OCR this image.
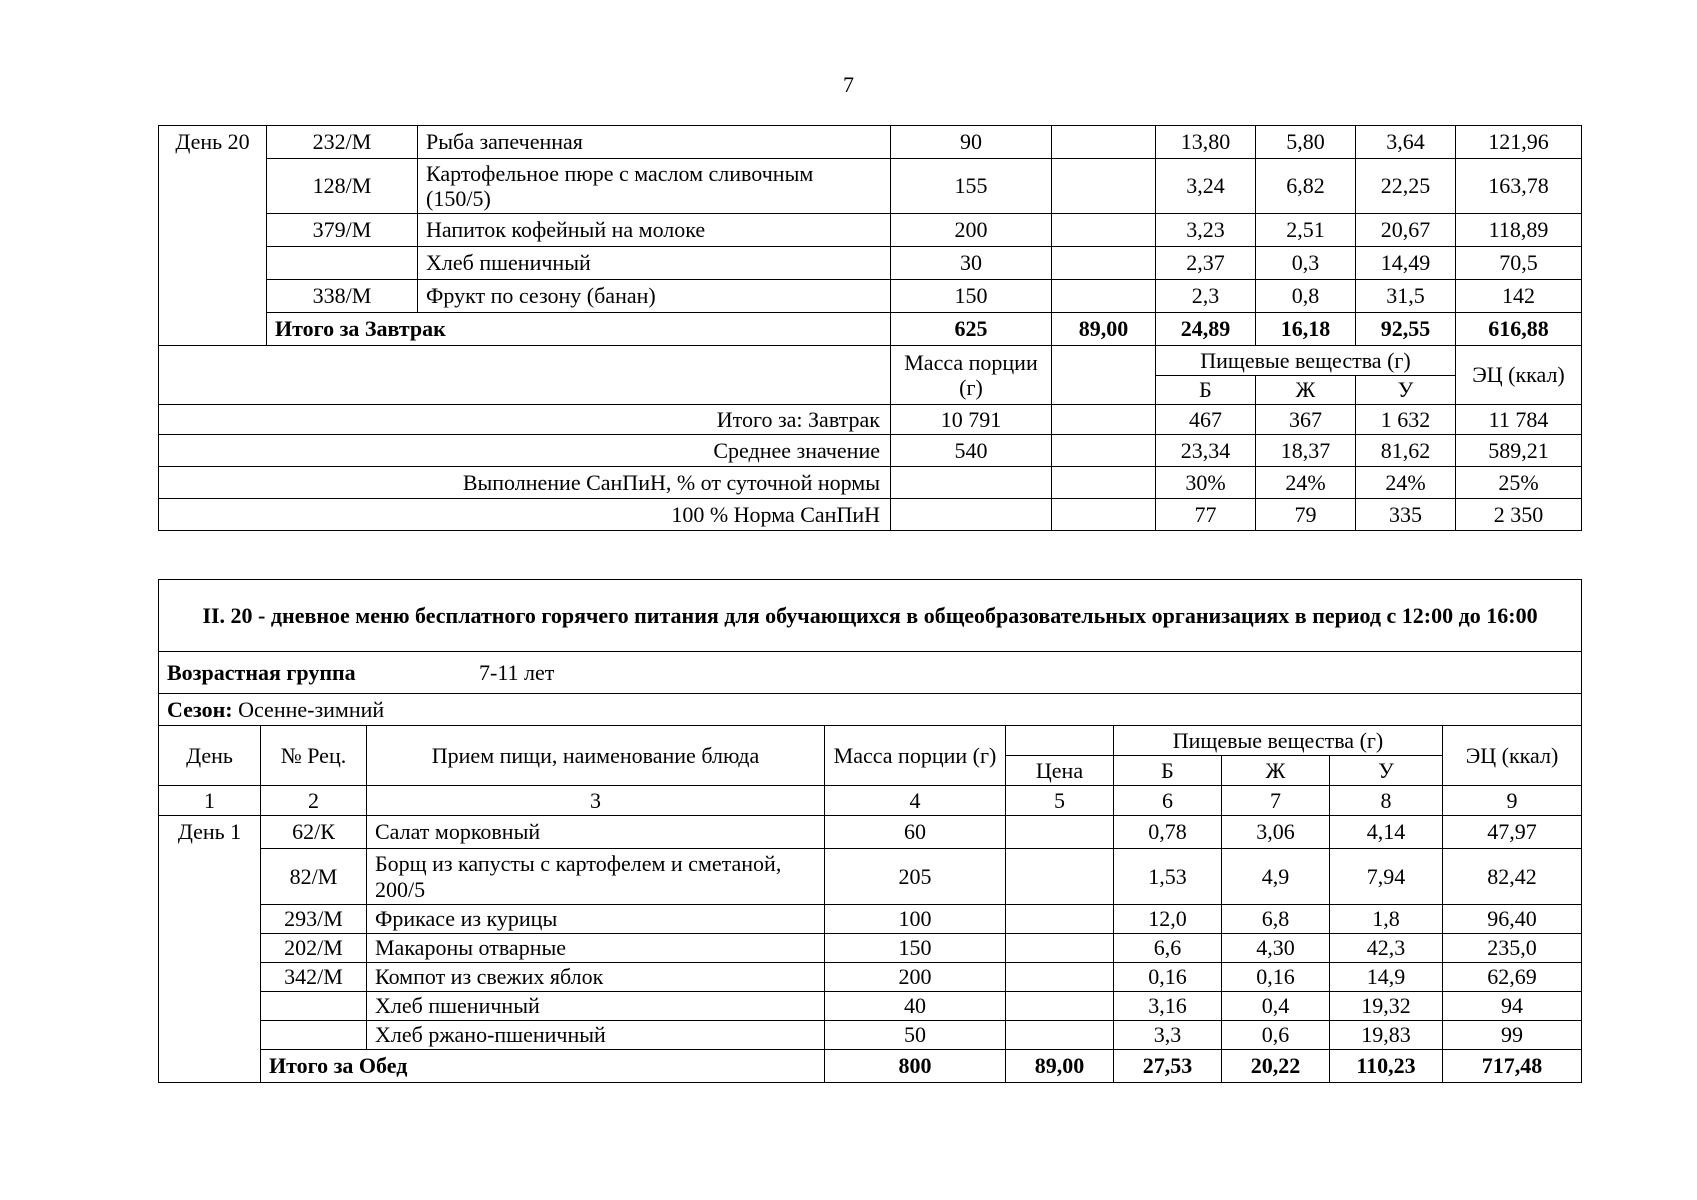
7
День 20	232/М	Рыба запеченная	90		13,80	5,80	3,64	121,96
	128/М	Картофельное пюре с маслом сливочным (150/5)	155		3,24	6,82	22,25	163,78
	379/М	Напиток кофейный на молоке	200		3,23	2,51	20,67	118,89
		Хлеб пшеничный	30		2,37	0,3	14,49	70,5
	338/М	Фрукт по сезону (банан)	150		2,3	0,8	31,5	142
	Итого за Завтрак		625	89,00	24,89	16,18	92,55	616,88
			Масса порции (г)		Пищевые вещества (г)			ЭЦ (ккал)
					Б	Ж	У	
Итого за: Завтрак			10 791		467	367	1 632	11 784
Среднее значение			540		23,34	18,37	81,62	589,21
Выполнение СанПиН, % от суточной нормы					30%	24%	24%	25%
100 % Норма СанПиН					77	79	335	2 350
II. 20 - дневное меню бесплатного горячего питания для обучающихся в общеобразовательных организациях в период с 12:00 до 16:00								
Возрастная группа 7-11 лет								
Сезон: Осенне-зимний								
День	№ Рец.	Прием пищи, наименование блюда	Масса порции (г)		Пищевые вещества (г)			ЭЦ (ккал)
				Цена	Б	Ж	У	
1	2	3	4	5	6	7	8	9
День 1	62/К	Салат морковный	60		0,78	3,06	4,14	47,97
	82/М	Борщ из капусты с картофелем и сметаной, 200/5	205		1,53	4,9	7,94	82,42
	293/М	Фрикасе из курицы	100		12,0	6,8	1,8	96,40
	202/М	Макароны отварные	150		6,6	4,30	42,3	235,0
	342/М	Компот из свежих яблок	200		0,16	0,16	14,9	62,69
		Хлеб пшеничный	40		3,16	0,4	19,32	94
		Хлеб ржано-пшеничный	50		3,3	0,6	19,83	99
	Итого за Обед		800	89,00	27,53	20,22	110,23	717,48
